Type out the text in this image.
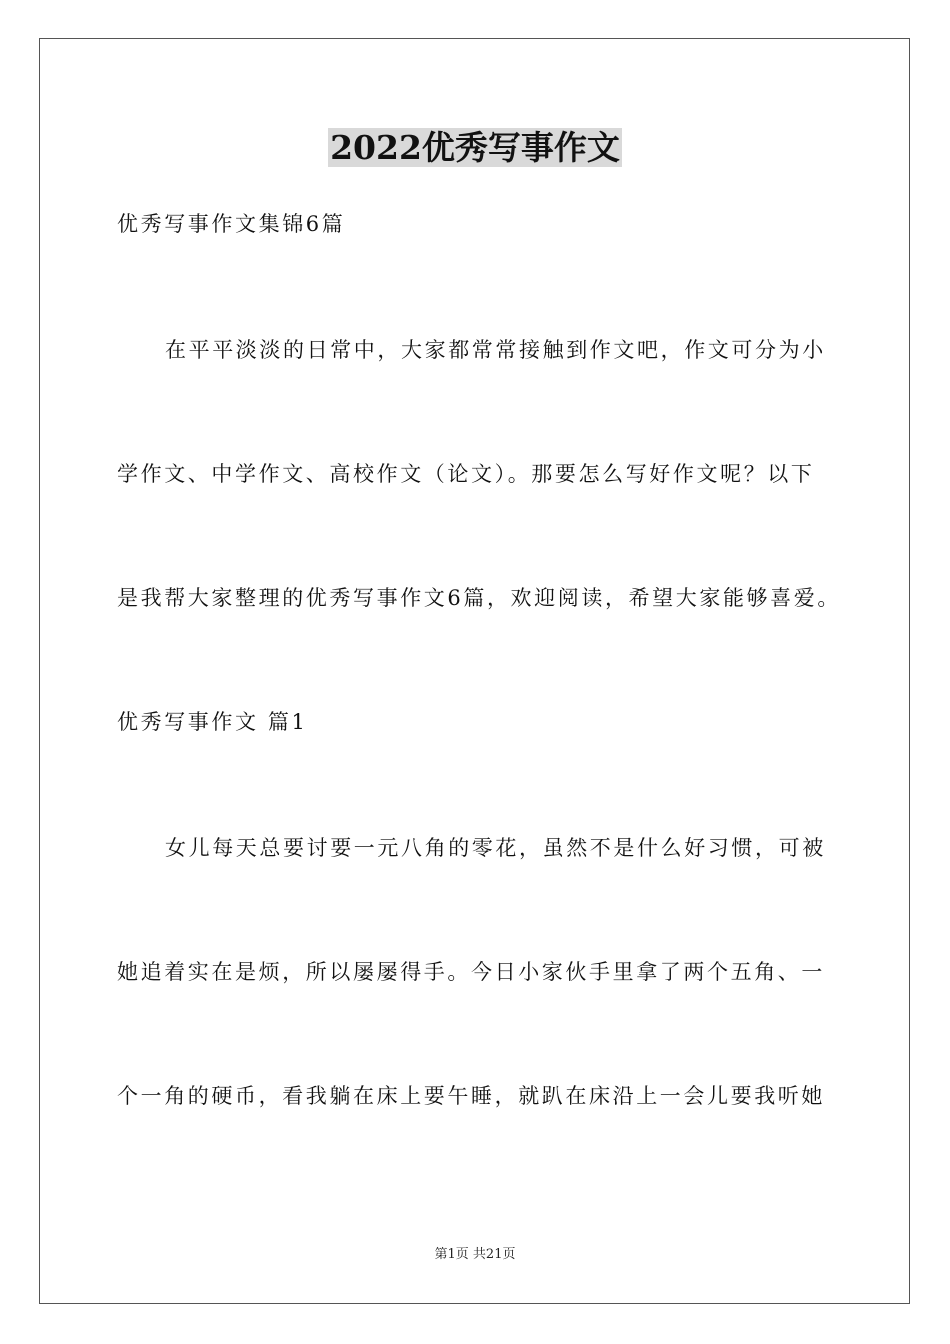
2022优秀写事作文
优秀写事作文集锦6篇
在平平淡淡的日常中，大家都常常接触到作文吧，作文可分为小
学作文、中学作文、高校作文（论文）。那要怎么写好作文呢？以下
是我帮大家整理的优秀写事作文6篇，欢迎阅读，希望大家能够喜爱。
优秀写事作文 篇1
女儿每天总要讨要一元八角的零花，虽然不是什么好习惯，可被
她追着实在是烦，所以屡屡得手。今日小家伙手里拿了两个五角、一
个一角的硬币，看我躺在床上要午睡，就趴在床沿上一会儿要我听她
第1页 共21页
